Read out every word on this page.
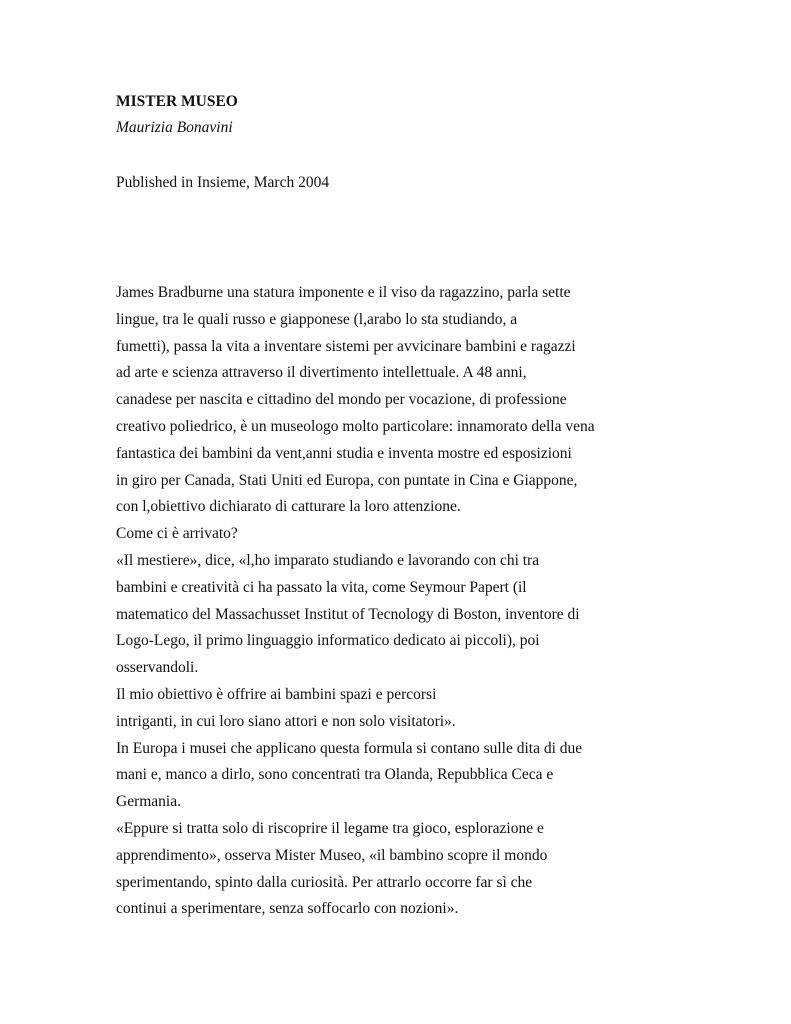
MISTER MUSEO
Maurizia Bonavini
Published in Insieme, March 2004
James Bradburne una statura imponente e il viso da ragazzino, parla sette
lingue, tra le quali russo e giapponese (l,arabo lo sta studiando, a
fumetti), passa la vita a inventare sistemi per avvicinare bambini e ragazzi
ad arte e scienza attraverso il divertimento intellettuale. A 48 anni,
canadese per nascita e cittadino del mondo per vocazione, di professione
creativo poliedrico, è un museologo molto particolare: innamorato della vena
fantastica dei bambini da vent,anni studia e inventa mostre ed esposizioni
in giro per Canada, Stati Uniti ed Europa, con puntate in Cina e Giappone,
con l,obiettivo dichiarato di catturare la loro attenzione.
Come ci è arrivato?
«Il mestiere», dice, «l,ho imparato studiando e lavorando con chi tra
bambini e creatività ci ha passato la vita, come Seymour Papert (il
matematico del Massachusset Institut of Tecnology di Boston, inventore di
Logo-Lego, il primo linguaggio informatico dedicato ai piccoli), poi
osservandoli.
Il mio obiettivo è offrire ai bambini spazi e percorsi
intriganti, in cui loro siano attori e non solo visitatori».
In Europa i musei che applicano questa formula si contano sulle dita di due
mani e, manco a dirlo, sono concentrati tra Olanda, Repubblica Ceca e
Germania.
«Eppure si tratta solo di riscoprire il legame tra gioco, esplorazione e
apprendimento», osserva Mister Museo, «il bambino scopre il mondo
sperimentando, spinto dalla curiosità. Per attrarlo occorre far sì che
continui a sperimentare, senza soffocarlo con nozioni».
